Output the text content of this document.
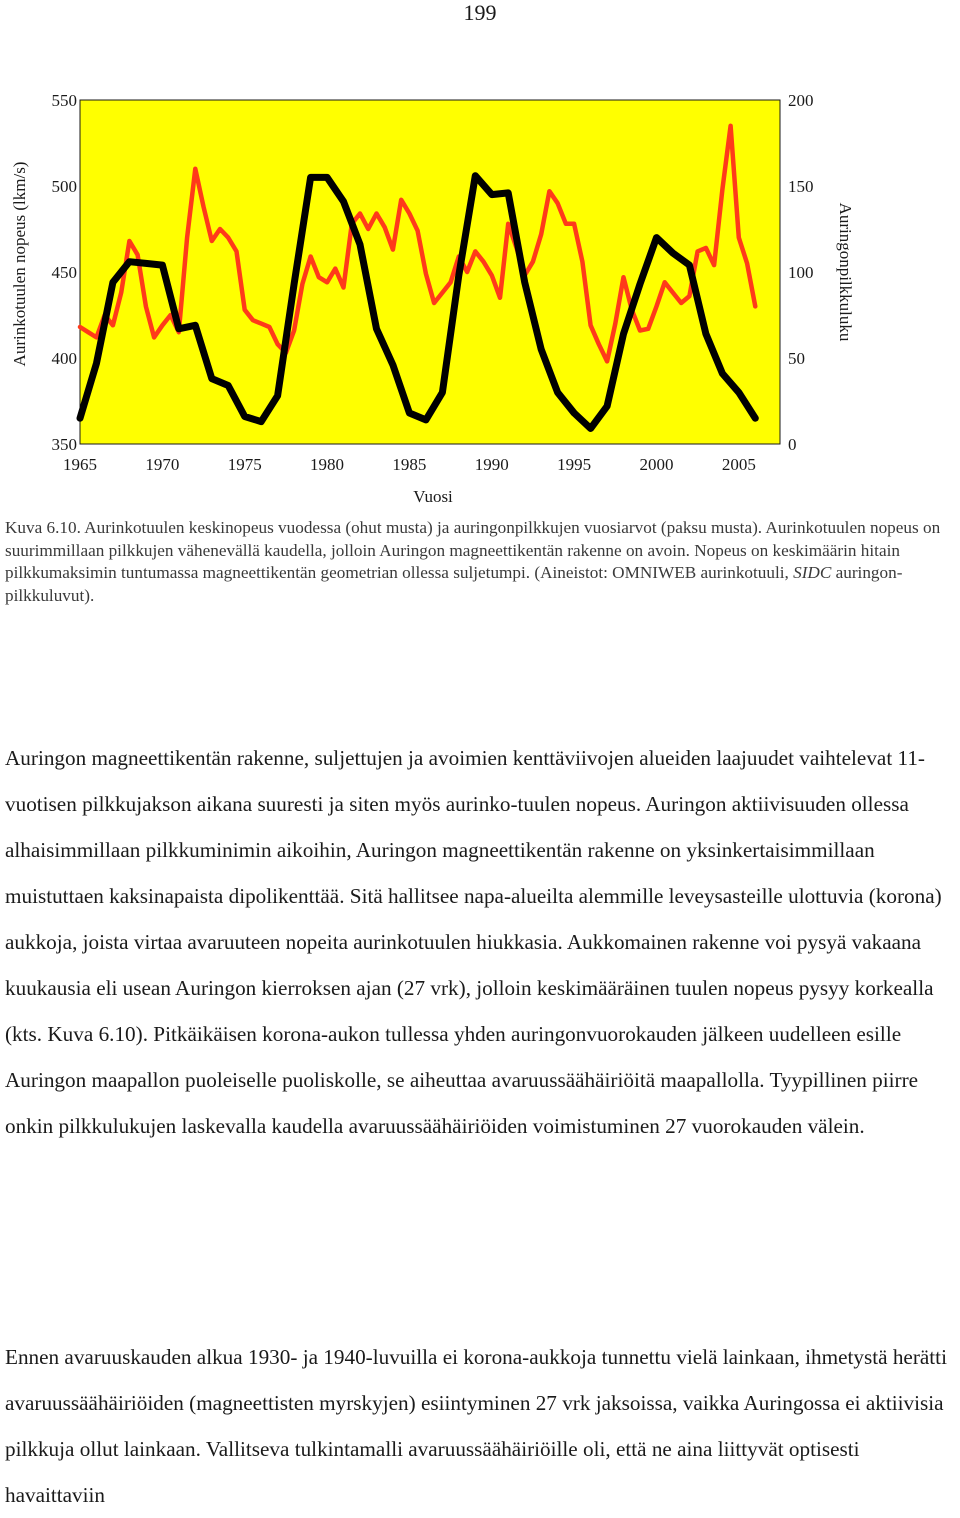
199
1965	1970	1975	1980	1985	1990	1995	2000	2005
350
400
450
500
550
0
50
100
150
200
Vuosi
Aurinkotuulen nopeus (lkm/s)	Auringonpilkkuluku
Kuva 6.10. Aurinkotuulen keskinopeus vuodessa (ohut musta) ja auringonpilkkujen vuosiarvot (paksu musta). Aurinkotuulen nopeus on suurimmillaan pilkkujen vähenevällä kaudella, jolloin Auringon magneettikentän rakenne on avoin. Nopeus on keskimäärin hitain pilkkumaksimin tuntumassa magneettikentän geometrian ollessa suljetumpi. (Aineistot: OMNIWEB aurinkotuuli, SIDC auringon-pilkkuluvut).

Auringon magneettikentän rakenne, suljettujen ja avoimien kenttäviivojen alueiden laajuudet vaihtelevat 11-vuotisen pilkkujakson aikana suuresti ja siten myös aurinko-tuulen nopeus. Auringon aktiivisuuden ollessa alhaisimmillaan pilkkuminimin aikoihin, Auringon magneettikentän rakenne on yksinkertaisimmillaan muistuttaen kaksinapaista dipolikenttää. Sitä hallitsee napa-alueilta alemmille leveysasteille ulottuvia (korona) aukkoja, joista virtaa avaruuteen nopeita aurinkotuulen hiukkasia. Aukkomainen rakenne voi pysyä vakaana kuukausia eli usean Auringon kierroksen ajan (27 vrk), jolloin keskimääräinen tuulen nopeus pysyy korkealla (kts. Kuva 6.10). Pitkäikäisen korona-aukon tullessa yhden auringonvuorokauden jälkeen uudelleen esille Auringon maapallon puoleiselle puoliskolle, se aiheuttaa avaruussäähäiriöitä maapallolla. Tyypillinen piirre onkin pilkkulukujen laskevalla kaudella avaruussäähäiriöiden voimistuminen 27 vuorokauden välein.

Ennen avaruuskauden alkua 1930- ja 1940-luvuilla ei korona-aukkoja tunnettu vielä lainkaan, ihmetystä herätti avaruussäähäiriöiden (magneettisten myrskyjen) esiintyminen 27 vrk jaksoissa, vaikka Auringossa ei aktiivisia pilkkuja ollut lainkaan. Vallitseva tulkintamalli avaruussäähäiriöille oli, että ne aina liittyvät optisesti havaittaviin
